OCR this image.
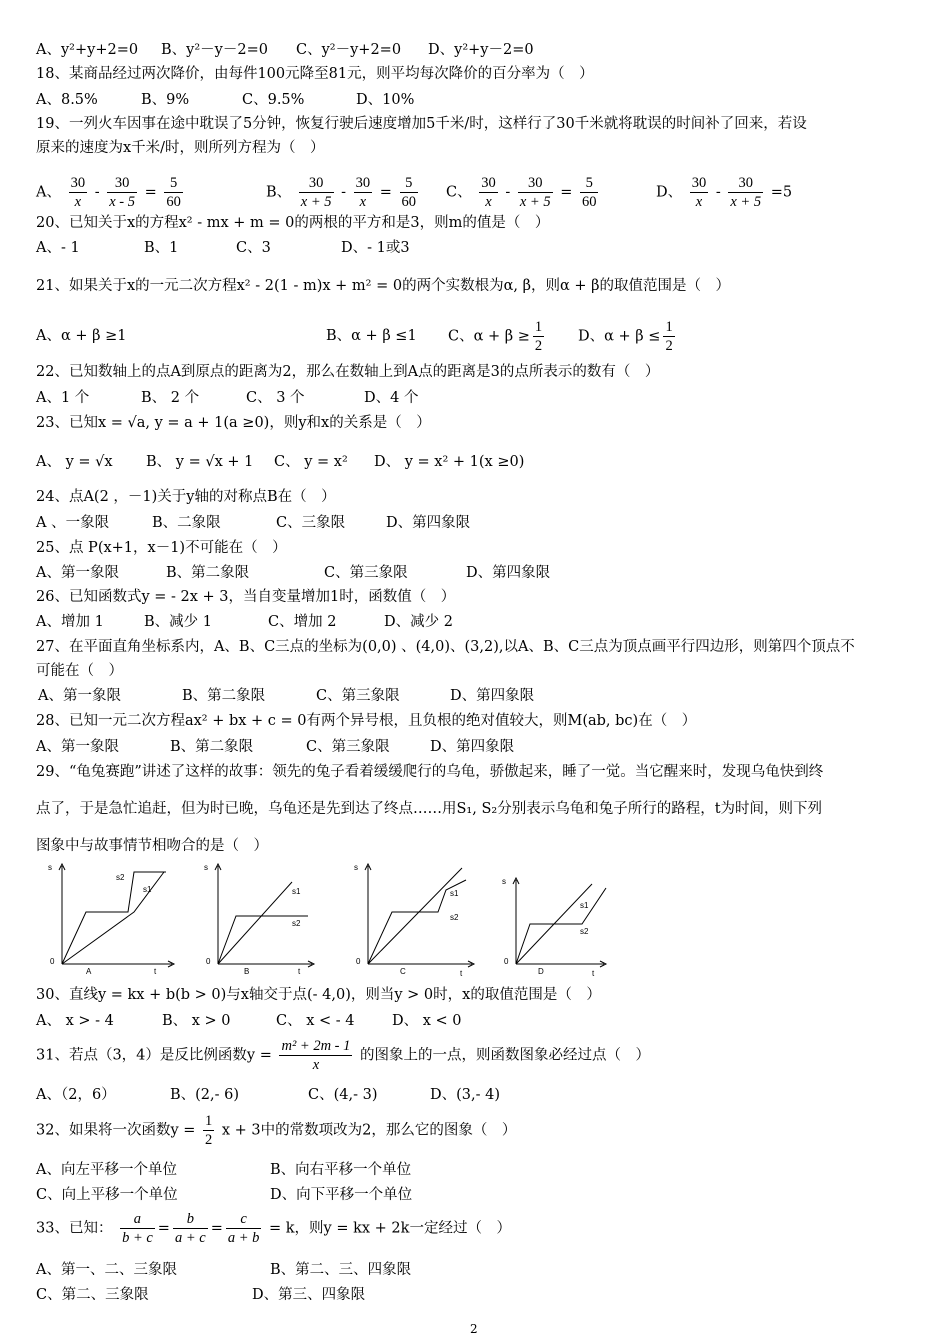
A、y²+y+2=0 B、y²－y－2=0 C、y²－y+2=0 D、y²+y－2=0
18、某商品经过两次降价，由每件100元降至81元，则平均每次降价的百分率为（　）
A、8.5%	B、9%	C、9.5%	D、10%
19、一列火车因事在途中耽误了5分钟，恢复行驶后速度增加5千米/时，这样行了30千米就将耽误的时间补了回来，若设
原来的速度为x千米/时，则所列方程为（　）
A、 $\frac{30}{x} - \frac{30}{x - 5} = \frac{5}{60}$	B、 $\frac{30}{x + 5} - \frac{30}{x} = \frac{5}{60}$ C、 $\frac{30}{x} - \frac{30}{x + 5} = \frac{5}{60}$	D、 $\frac{30}{x} - \frac{30}{x + 5} =5$
20、已知关于x的方程x² - mx + m = 0的两根的平方和是3，则m的值是（　）
A、- 1	B、1	C、3	D、- 1或3
21、如果关于x的一元二次方程x² - 2(1 - m)x + m² = 0的两个实数根为α, β，则α + β的取值范围是（　）
A、α + β ≥1	B、α + β ≤1 C、$\alpha + \beta \ge \frac{1}{2}$ D、$\alpha + \beta \le \frac{1}{2}$
22、已知数轴上的点A到原点的距离为2，那么在数轴上到A点的距离是3的点所表示的数有（　）
A、1 个	B、 2 个	C、 3 个	D、4 个
23、已知x = √a, y = a + 1(a ≥0)，则y和x的关系是（　）
A、 y = √x B、 y = √x + 1 C、 y = x² D、 y = x² + 1(x ≥0)
24、点A(2 ，－1)关于y轴的对称点B在（　）
A 、一象限	B、二象限	C、三象限	D、第四象限
25、点 P(x+1，x－1)不可能在（　）
A、第一象限	B、第二象限	C、第三象限	D、第四象限
26、已知函数式y = - 2x + 3，当自变量增加1时，函数值（　）
A、增加 1	B、减少 1	C、增加 2	D、减少 2
27、在平面直角坐标系内，A、B、C三点的坐标为(0,0) 、(4,0)、(3,2),以A、B、C三点为顶点画平行四边形，则第四个顶点不
可能在（　）
A、第一象限	B、第二象限	C、第三象限	D、第四象限
28、已知一元二次方程ax² + bx + c = 0有两个异号根，且负根的绝对值较大，则M(ab, bc)在（　）
A、第一象限	B、第二象限	C、第三象限	D、第四象限
29、“龟兔赛跑”讲述了这样的故事：领先的兔子看着缓缓爬行的乌龟，骄傲起来，睡了一觉。当它醒来时，发现乌龟快到终
点了，于是急忙追赶，但为时已晚，乌龟还是先到达了终点……用S₁, S₂分别表示乌龟和兔子所行的路程，t为时间，则下列
图象中与故事情节相吻合的是（　）
s
0
A	t
s2
s1
s
0
B	t
s1
s2
s
0
C	t
s1
s2
s
0
D	t
s1
s2
30、直线y = kx + b(b > 0)与x轴交于点(- 4,0)，则当y > 0时，x的取值范围是（　）
A、 x > - 4	B、 x > 0	C、 x < - 4	D、 x < 0
31、若点（3，4）是反比例函数$y = \frac{\text{m² + 2m - 1}}{x}$ 的图象上的一点，则函数图象必经过点（　）
A、（2，6）	B、(2,- 6)	C、(4,- 3)	D、(3,- 4)
32、如果将一次函数$y = \frac{1}{2}$ x + 3中的常数项改为2，那么它的图象（　）
A、向左平移一个单位	B、向右平移一个单位
C、向上平移一个单位	D、向下平移一个单位
33、已知： $\frac{a}{b + c} = \frac{b}{a + c} = \frac{c}{a + b} = k$，则y = kx + 2k一定经过（　）
A、第一、二、三象限	B、第二、三、四象限
C、第二、三象限	D、第三、四象限
2
